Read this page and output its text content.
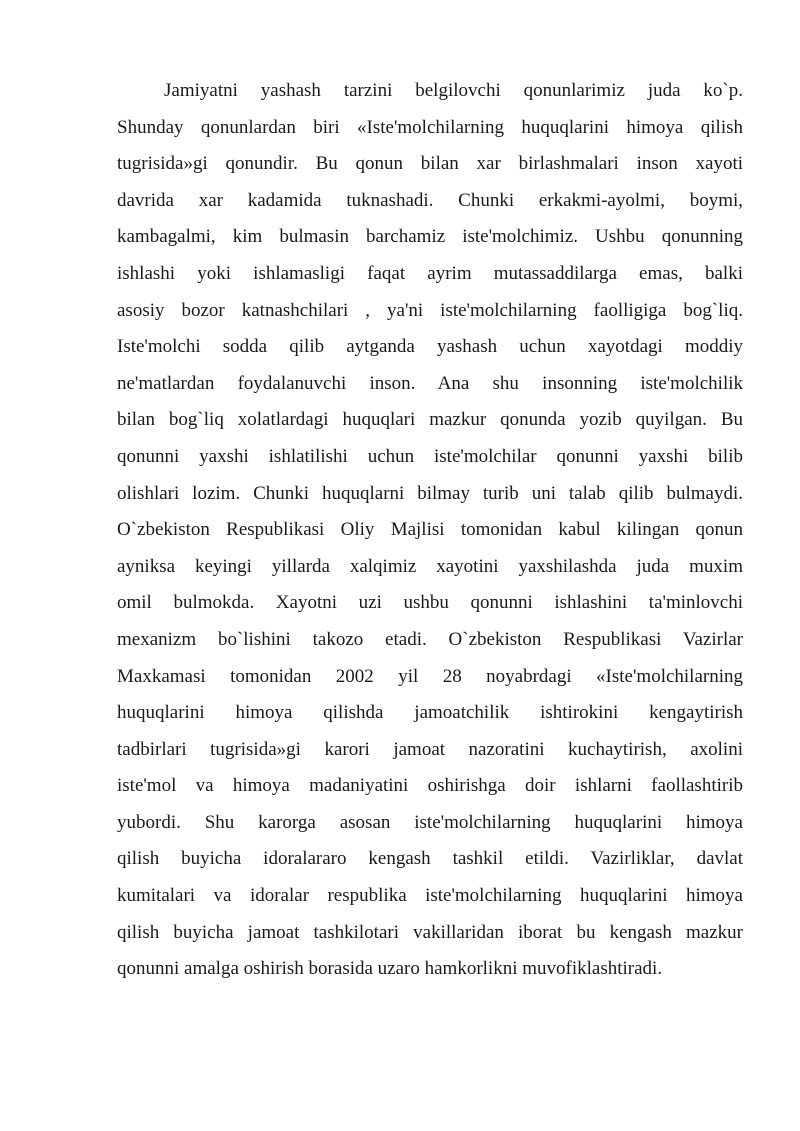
Jamiyatni yashash tarzini belgilovchi qonunlarimiz juda ko`p.
Shunday qonunlardan biri «Iste'molchilarning huquqlarini himoya qilish
tugrisida»gi qonundir. Bu qonun bilan xar birlashmalari inson xayoti
davrida xar kadamida tuknashadi. Chunki erkakmi-ayolmi, boymi,
kambagalmi, kim bulmasin barchamiz iste'molchimiz. Ushbu qonunning
ishlashi yoki ishlamasligi faqat ayrim mutassaddilarga emas, balki
asosiy bozor katnashchilari , ya'ni iste'molchilarning faolligiga bog`liq.
Iste'molchi sodda qilib aytganda yashash uchun xayotdagi moddiy
ne'matlardan foydalanuvchi inson. Ana shu insonning iste'molchilik
bilan bog`liq xolatlardagi huquqlari mazkur qonunda yozib quyilgan. Bu
qonunni yaxshi ishlatilishi uchun iste'molchilar qonunni yaxshi bilib
olishlari lozim. Chunki huquqlarni bilmay turib uni talab qilib bulmaydi.
O`zbekiston Respublikasi Oliy Majlisi tomonidan kabul kilingan qonun
ayniksa keyingi yillarda xalqimiz xayotini yaxshilashda juda muxim
omil bulmokda. Xayotni uzi ushbu qonunni ishlashini ta'minlovchi
mexanizm bo`lishini takozo etadi. O`zbekiston Respublikasi Vazirlar
Maxkamasi tomonidan 2002 yil 28 noyabrdagi «Iste'molchilarning
huquqlarini himoya qilishda jamoatchilik ishtirokini kengaytirish
tadbirlari tugrisida»gi karori jamoat nazoratini kuchaytirish, axolini
iste'mol va himoya madaniyatini oshirishga doir ishlarni faollashtirib
yubordi. Shu karorga asosan iste'molchilarning huquqlarini himoya
qilish buyicha idoralararo kengash tashkil etildi. Vazirliklar, davlat
kumitalari va idoralar respublika iste'molchilarning huquqlarini himoya
qilish buyicha jamoat tashkilotari vakillaridan iborat bu kengash mazkur
qonunni amalga oshirish borasida uzaro hamkorlikni muvofiklashtiradi.
